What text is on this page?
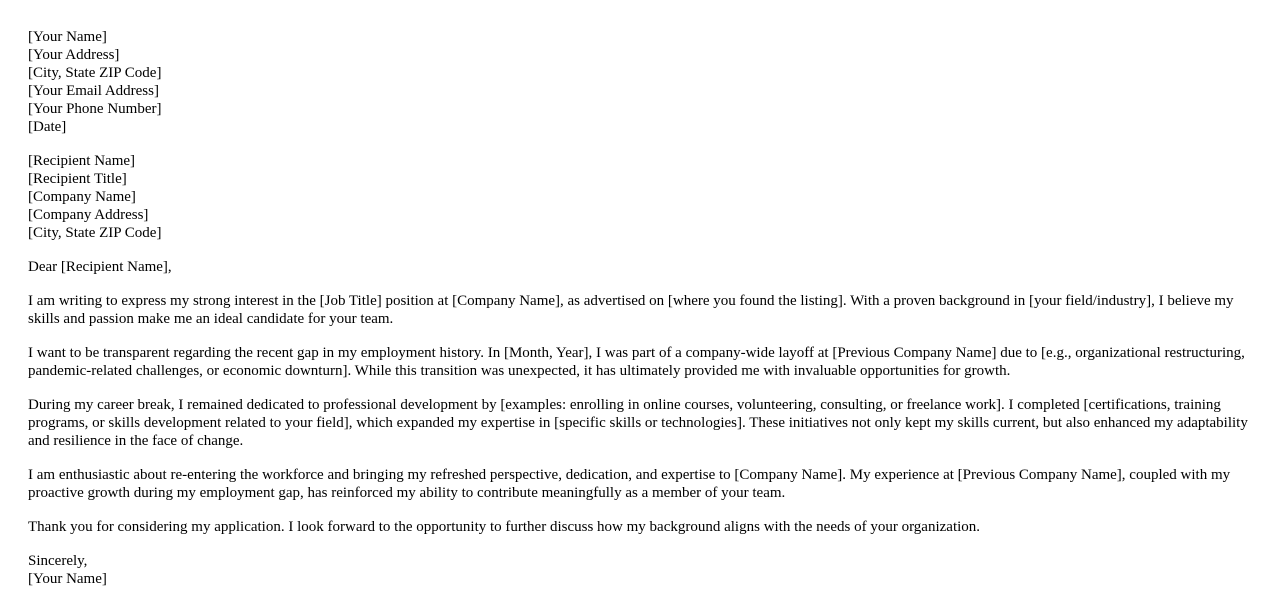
[Your Name]
[Your Address]
[City, State ZIP Code]
[Your Email Address]
[Your Phone Number]
[Date]
[Recipient Name]
[Recipient Title]
[Company Name]
[Company Address]
[City, State ZIP Code]

Dear [Recipient Name],

I am writing to express my strong interest in the [Job Title] position at [Company Name], as advertised on [where you found the listing]. With a proven background in [your field/industry], I believe my skills and passion make me an ideal candidate for your team.

I want to be transparent regarding the recent gap in my employment history. In [Month, Year], I was part of a company-wide layoff at [Previous Company Name] due to [e.g., organizational restructuring, pandemic-related challenges, or economic downturn]. While this transition was unexpected, it has ultimately provided me with invaluable opportunities for growth.

During my career break, I remained dedicated to professional development by [examples: enrolling in online courses, volunteering, consulting, or freelance work]. I completed [certifications, training programs, or skills development related to your field], which expanded my expertise in [specific skills or technologies]. These initiatives not only kept my skills current, but also enhanced my adaptability and resilience in the face of change.

I am enthusiastic about re-entering the workforce and bringing my refreshed perspective, dedication, and expertise to [Company Name]. My experience at [Previous Company Name], coupled with my proactive growth during my employment gap, has reinforced my ability to contribute meaningfully as a member of your team.

Thank you for considering my application. I look forward to the opportunity to further discuss how my background aligns with the needs of your organization.

Sincerely,
[Your Name]
